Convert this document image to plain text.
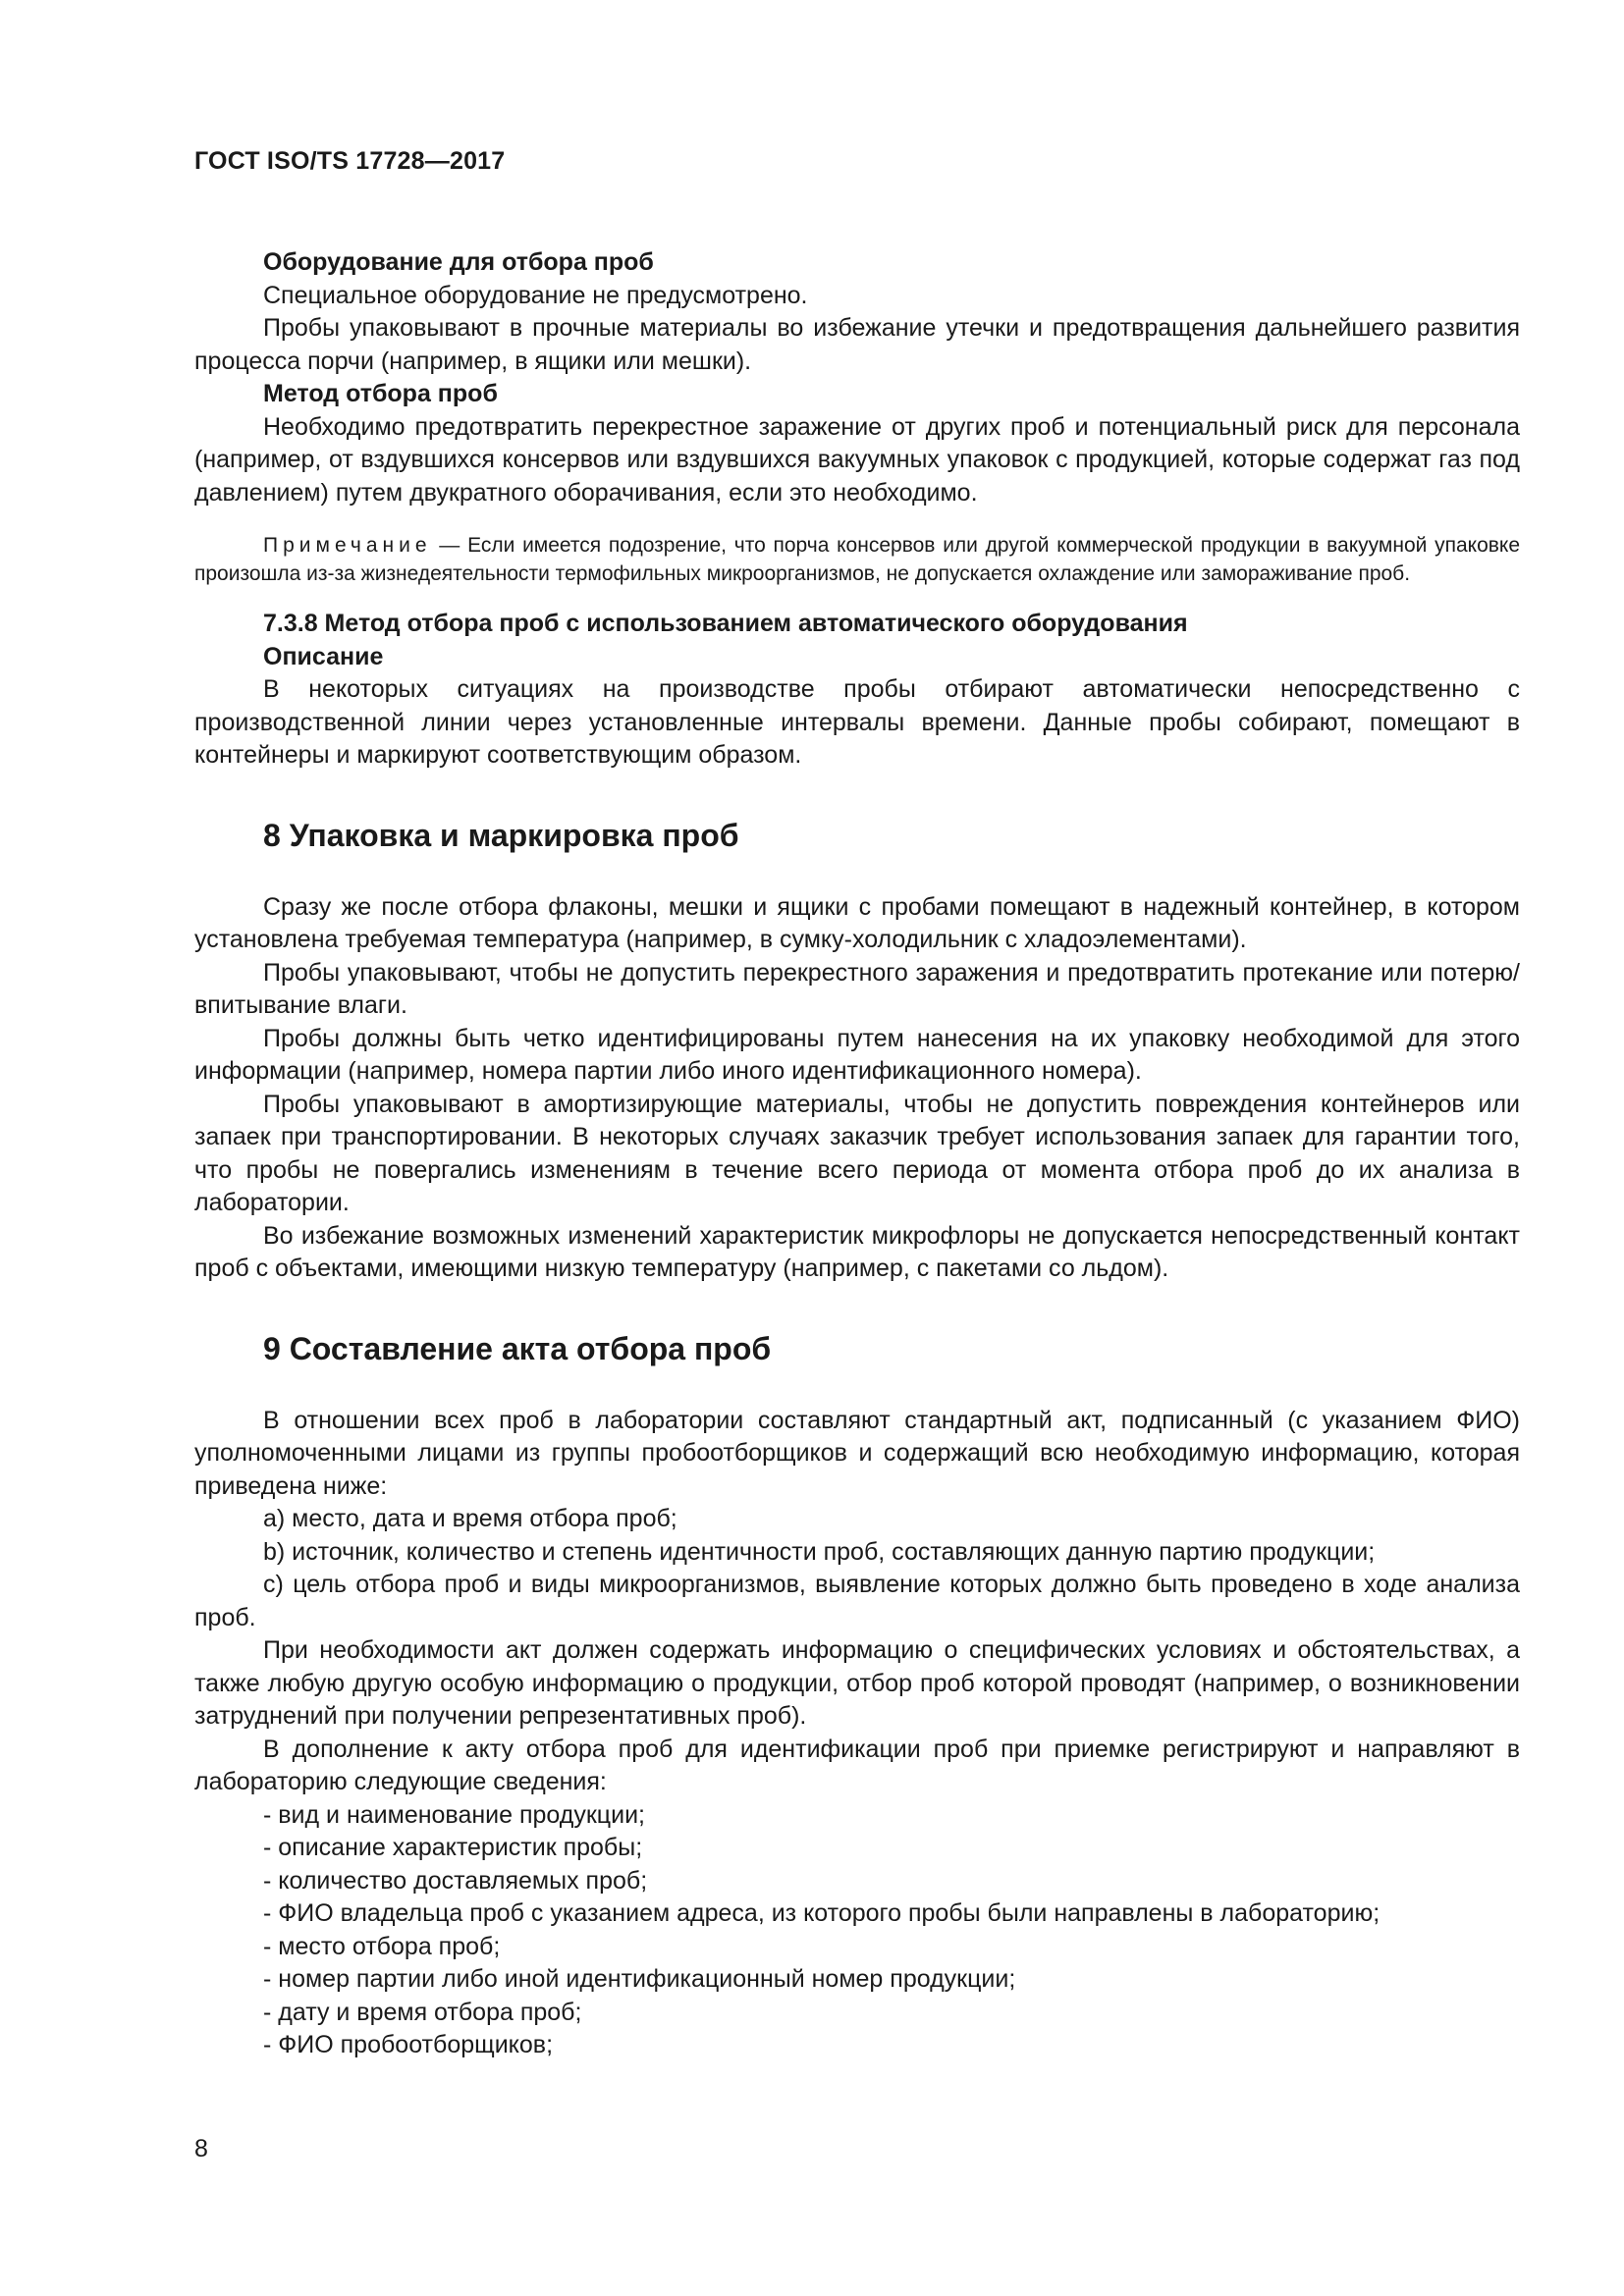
ГОСТ ISO/TS 17728—2017
Оборудование для отбора проб

Специальное оборудование не предусмотрено.

Пробы упаковывают в прочные материалы во избежание утечки и предотвращения дальнейшего развития процесса порчи (например, в ящики или мешки).

Метод отбора проб

Необходимо предотвратить перекрестное заражение от других проб и потенциальный риск для персонала (например, от вздувшихся консервов или вздувшихся вакуумных упаковок с продукцией, которые содержат газ под давлением) путем двукратного оборачивания, если это необходимо.

Примечание — Если имеется подозрение, что порча консервов или другой коммерческой продукции в вакуумной упаковке произошла из-за жизнедеятельности термофильных микроорганизмов, не допускается охлаждение или замораживание проб.

7.3.8 Метод отбора проб с использованием автоматического оборудования
Описание

В некоторых ситуациях на производстве пробы отбирают автоматически непосредственно с производственной линии через установленные интервалы времени. Данные пробы собирают, помещают в контейнеры и маркируют соответствующим образом.

8 Упаковка и маркировка проб

Сразу же после отбора флаконы, мешки и ящики с пробами помещают в надежный контейнер, в котором установлена требуемая температура (например, в сумку-холодильник с хладоэлементами).

Пробы упаковывают, чтобы не допустить перекрестного заражения и предотвратить протекание или потерю/впитывание влаги.

Пробы должны быть четко идентифицированы путем нанесения на их упаковку необходимой для этого информации (например, номера партии либо иного идентификационного номера).

Пробы упаковывают в амортизирующие материалы, чтобы не допустить повреждения контейнеров или запаек при транспортировании. В некоторых случаях заказчик требует использования запаек для гарантии того, что пробы не повергались изменениям в течение всего периода от момента отбора проб до их анализа в лаборатории.

Во избежание возможных изменений характеристик микрофлоры не допускается непосредственный контакт проб с объектами, имеющими низкую температуру (например, с пакетами со льдом).

9 Составление акта отбора проб

В отношении всех проб в лаборатории составляют стандартный акт, подписанный (с указанием ФИО) уполномоченными лицами из группы пробоотборщиков и содержащий всю необходимую информацию, которая приведена ниже:

a) место, дата и время отбора проб;

b) источник, количество и степень идентичности проб, составляющих данную партию продукции;

c) цель отбора проб и виды микроорганизмов, выявление которых должно быть проведено в ходе анализа проб.

При необходимости акт должен содержать информацию о специфических условиях и обстоятельствах, а также любую другую особую информацию о продукции, отбор проб которой проводят (например, о возникновении затруднений при получении репрезентативных проб).

В дополнение к акту отбора проб для идентификации проб при приемке регистрируют и направляют в лабораторию следующие сведения:

- вид и наименование продукции;

- описание характеристик пробы;

- количество доставляемых проб;

- ФИО владельца проб с указанием адреса, из которого пробы были направлены в лабораторию;

- место отбора проб;

- номер партии либо иной идентификационный номер продукции;

- дату и время отбора проб;

- ФИО пробоотборщиков;

8
